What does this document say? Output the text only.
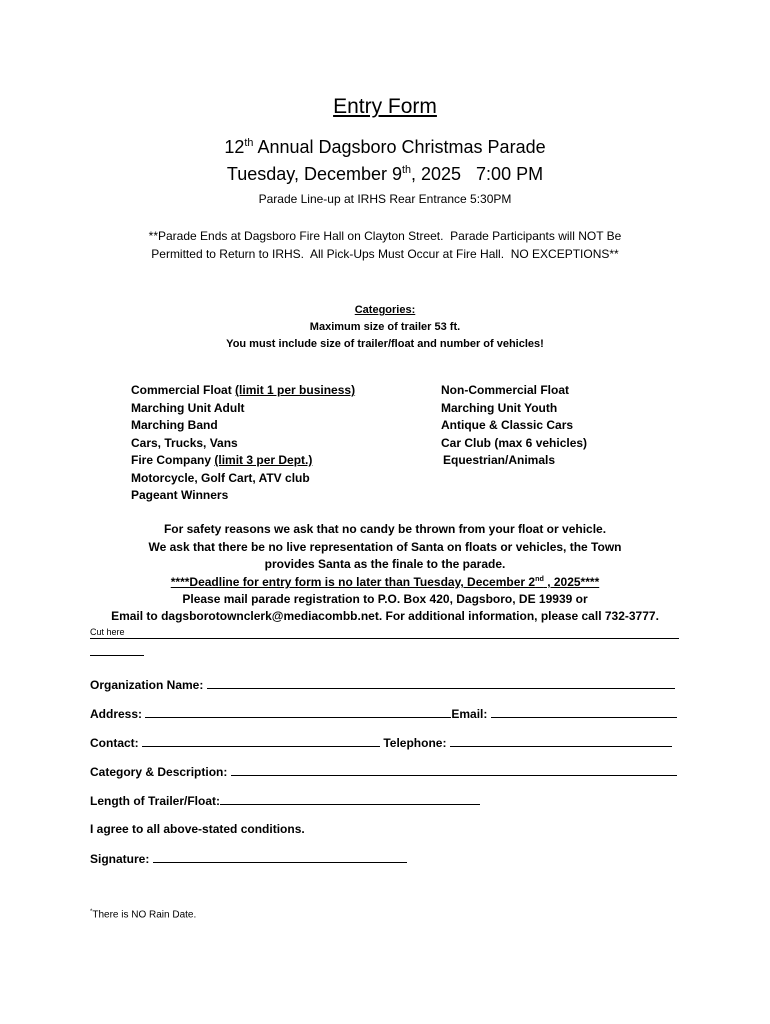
Entry Form
12th Annual Dagsboro Christmas Parade
Tuesday, December 9th, 2025   7:00 PM
Parade Line-up at IRHS Rear Entrance 5:30PM
**Parade Ends at Dagsboro Fire Hall on Clayton Street.  Parade Participants will NOT Be
Permitted to Return to IRHS.  All Pick-Ups Must Occur at Fire Hall.  NO EXCEPTIONS**
Categories:
Maximum size of trailer 53 ft.
You must include size of trailer/float and number of vehicles!
Commercial Float (limit 1 per business)
Marching Unit Adult
Marching Band
Cars, Trucks, Vans
Fire Company (limit 3 per Dept.)
Motorcycle, Golf Cart, ATV club
Pageant Winners
Non-Commercial Float
Marching Unit Youth
Antique & Classic Cars
Car Club (max 6 vehicles)
Equestrian/Animals
For safety reasons we ask that no candy be thrown from your float or vehicle.
We ask that there be no live representation of Santa on floats or vehicles, the Town
provides Santa as the finale to the parade.
****Deadline for entry form is no later than Tuesday, December 2nd , 2025****
Please mail parade registration to P.O. Box 420, Dagsboro, DE 19939 or
Email to dagsborotownclerk@mediacombb.net. For additional information, please call 732-3777.
Cut here
Organization Name:
Address:	Email:
Contact:	Telephone:
Category & Description:
Length of Trailer/Float:
I agree to all above-stated conditions.
Signature:
*There is NO Rain Date.
